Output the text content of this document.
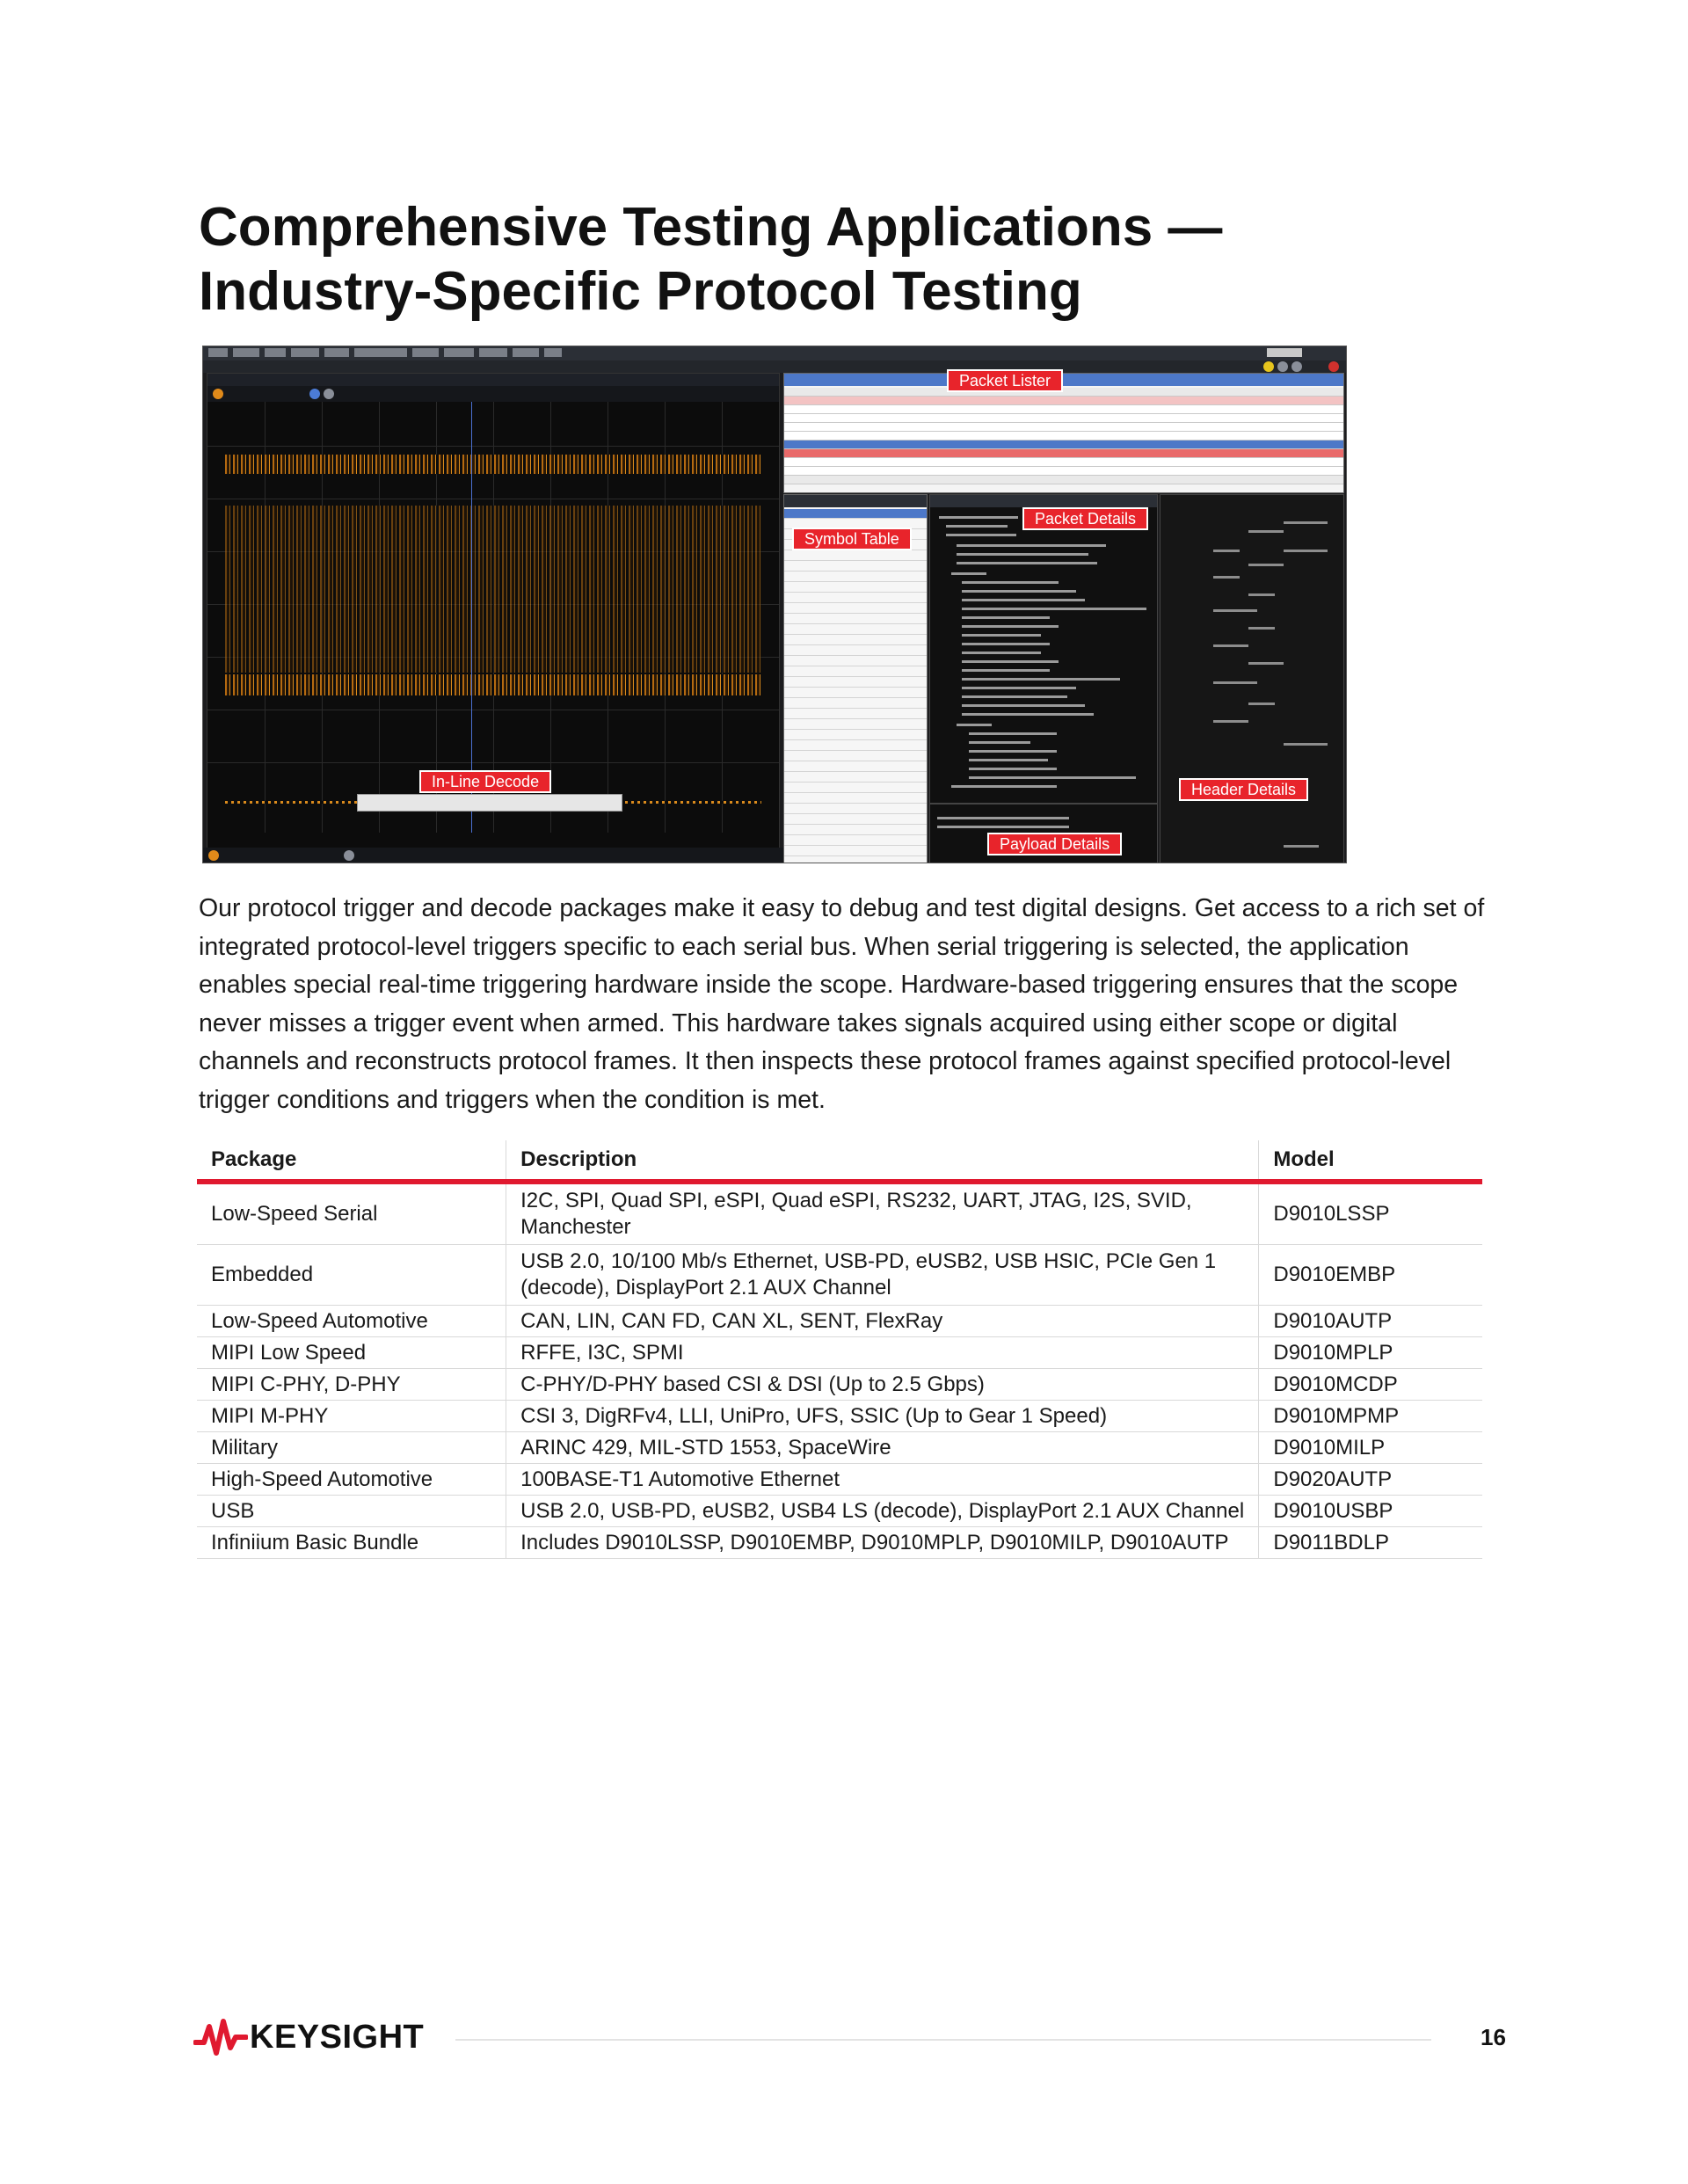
Comprehensive Testing Applications —
Industry-Specific Protocol Testing
Packet Lister
Symbol Table
Packet Details
In-Line Decode	Header Details
Payload Details
Our protocol trigger and decode packages make it easy to debug and test digital designs. Get access to a rich set of integrated protocol-level triggers specific to each serial bus. When serial triggering is selected, the application enables special real-time triggering hardware inside the scope. Hardware-based triggering ensures that the scope never misses a trigger event when armed. This hardware takes signals acquired using either scope or digital channels and reconstructs protocol frames. It then inspects these protocol frames against specified protocol-level trigger conditions and triggers when the condition is met.
Package	Description	Model
Low-Speed Serial	I2C, SPI, Quad SPI, eSPI, Quad eSPI, RS232, UART, JTAG, I2S, SVID, Manchester	D9010LSSP
Embedded	USB 2.0, 10/100 Mb/s Ethernet, USB-PD, eUSB2, USB HSIC, PCIe Gen 1 (decode), DisplayPort 2.1 AUX Channel	D9010EMBP
Low-Speed Automotive	CAN, LIN, CAN FD, CAN XL, SENT, FlexRay	D9010AUTP
MIPI Low Speed	RFFE, I3C, SPMI	D9010MPLP
MIPI C-PHY, D-PHY	C-PHY/D-PHY based CSI & DSI (Up to 2.5 Gbps)	D9010MCDP
MIPI M-PHY	CSI 3, DigRFv4, LLI, UniPro, UFS, SSIC (Up to Gear 1 Speed)	D9010MPMP
Military	ARINC 429, MIL-STD 1553, SpaceWire	D9010MILP
High-Speed Automotive	100BASE-T1 Automotive Ethernet	D9020AUTP
USB	USB 2.0, USB-PD, eUSB2, USB4 LS (decode), DisplayPort 2.1 AUX Channel	D9010USBP
Infiniium Basic Bundle	Includes D9010LSSP, D9010EMBP, D9010MPLP, D9010MILP, D9010AUTP	D9011BDLP
KEYSIGHT	16
